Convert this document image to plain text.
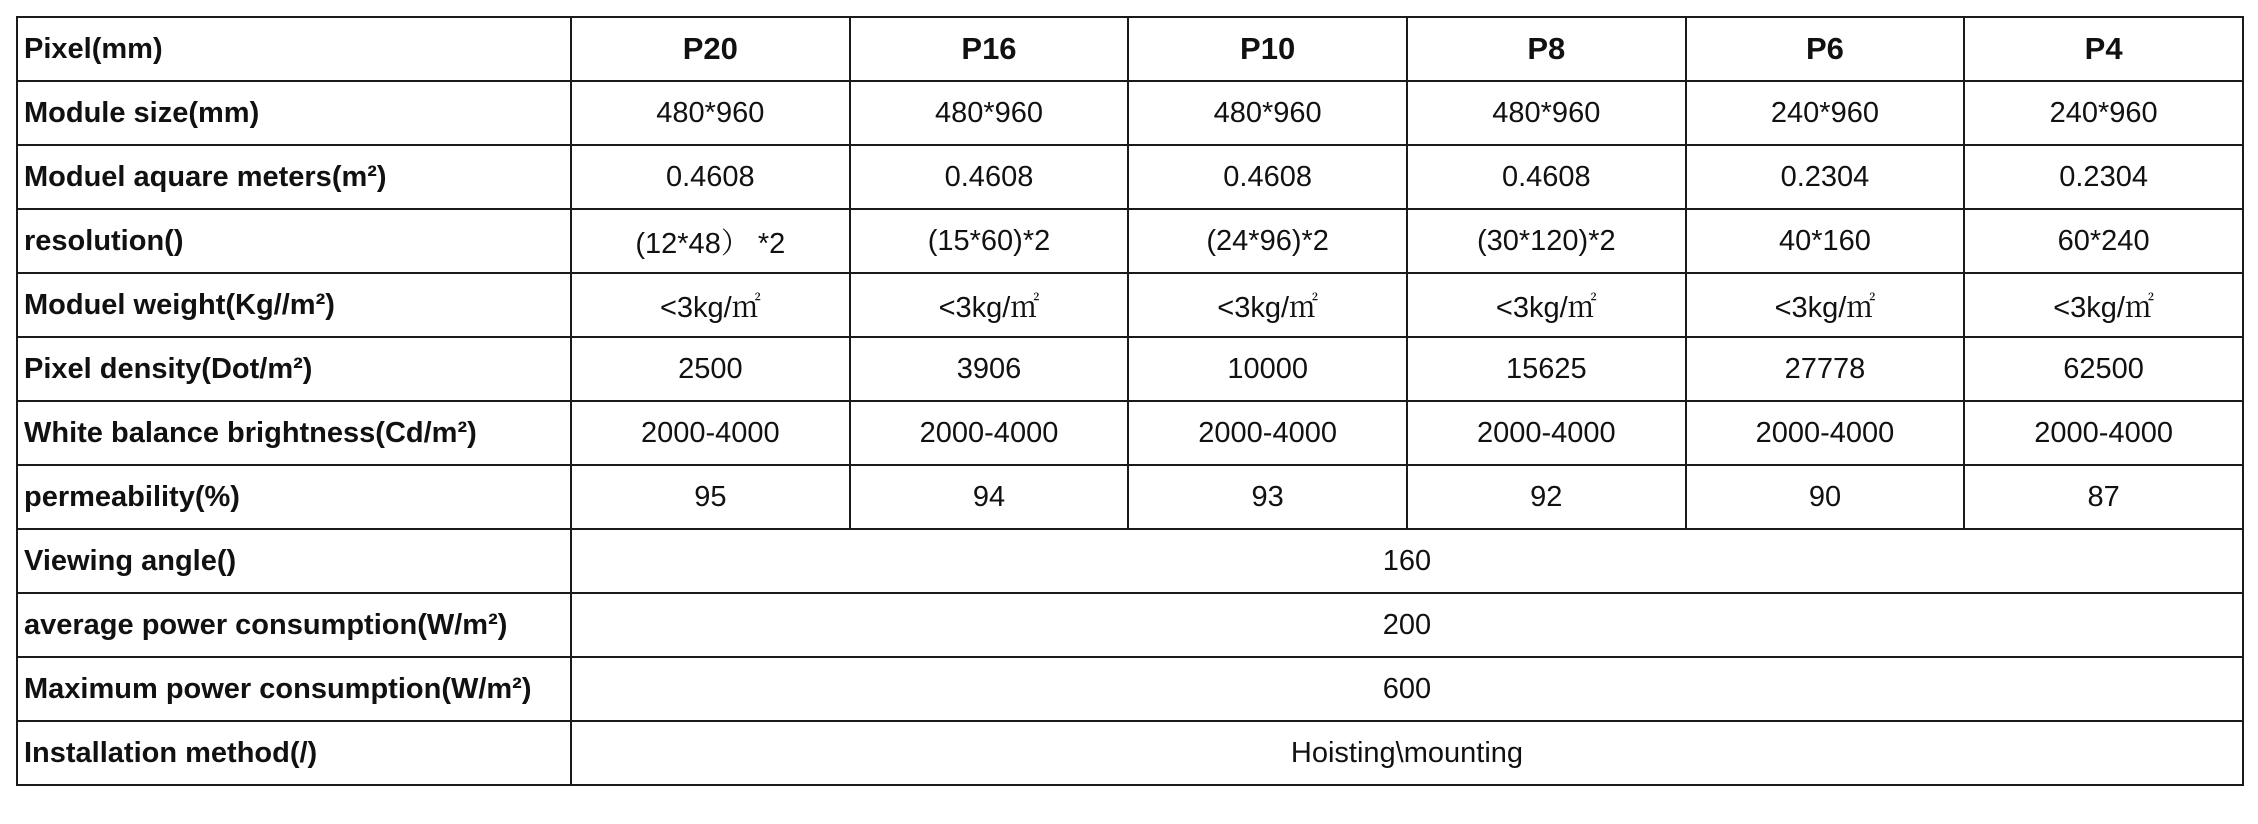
Pixel(mm)	P20	P16	P10	P8	P6	P4
Module size(mm)	480*960	480*960	480*960	480*960	240*960	240*960
Moduel aquare meters(m²)	0.4608	0.4608	0.4608	0.4608	0.2304	0.2304
resolution()	(12*48） *2	(15*60)*2	(24*96)*2	(30*120)*2	40*160	60*240
Moduel weight(Kg//m²)	<3kg/㎡	<3kg/㎡	<3kg/㎡	<3kg/㎡	<3kg/㎡	<3kg/㎡
Pixel density(Dot/m²)	2500	3906	10000	15625	27778	62500
White balance brightness(Cd/m²)	2000-4000	2000-4000	2000-4000	2000-4000	2000-4000	2000-4000
permeability(%)	95	94	93	92	90	87
Viewing angle()	160					
average power consumption(W/m²)	200					
Maximum power consumption(W/m²)	600					
Installation method(/)	Hoisting\mounting					
